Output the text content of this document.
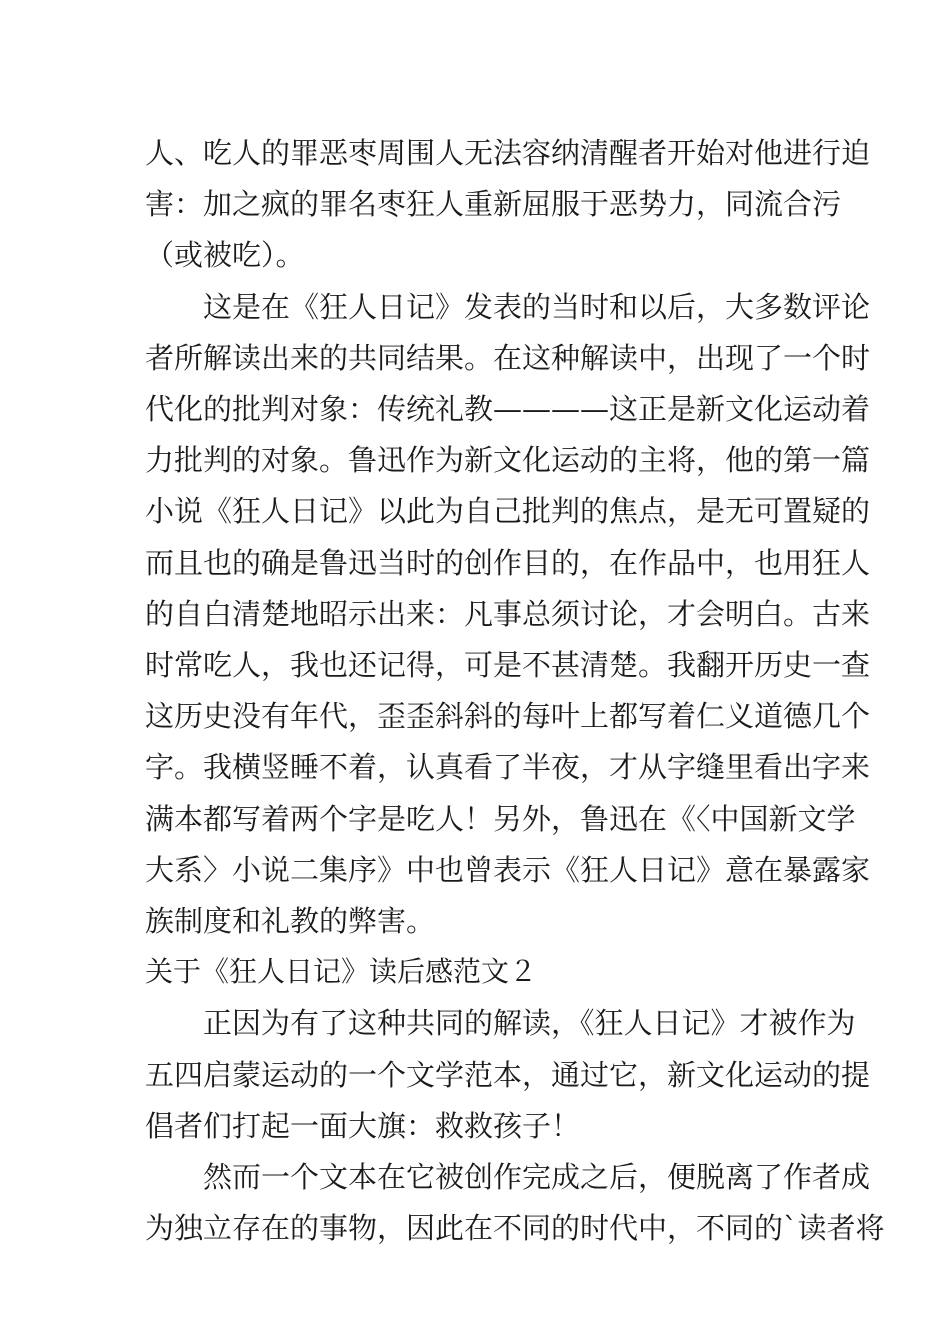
人、吃人的罪恶枣周围人无法容纳清醒者开始对他进行迫
害：加之疯的罪名枣狂人重新屈服于恶势力，同流合污
（或被吃）。
这是在《狂人日记》发表的当时和以后，大多数评论
者所解读出来的共同结果。在这种解读中，出现了一个时
代化的批判对象：传统礼教————这正是新文化运动着
力批判的对象。鲁迅作为新文化运动的主将，他的第一篇
小说《狂人日记》以此为自己批判的焦点，是无可置疑的
而且也的确是鲁迅当时的创作目的，在作品中，也用狂人
的自白清楚地昭示出来：凡事总须讨论，才会明白。古来
时常吃人，我也还记得，可是不甚清楚。我翻开历史一查
这历史没有年代，歪歪斜斜的每叶上都写着仁义道德几个
字。我横竖睡不着，认真看了半夜，才从字缝里看出字来
满本都写着两个字是吃人！另外，鲁迅在《〈中国新文学
大系〉小说二集序》中也曾表示《狂人日记》意在暴露家
族制度和礼教的弊害。
关于《狂人日记》读后感范文２
正因为有了这种共同的解读，《狂人日记》才被作为
五四启蒙运动的一个文学范本，通过它，新文化运动的提
倡者们打起一面大旗：救救孩子！
然而一个文本在它被创作完成之后，便脱离了作者成
为独立存在的事物，因此在不同的时代中，不同的`读者将
